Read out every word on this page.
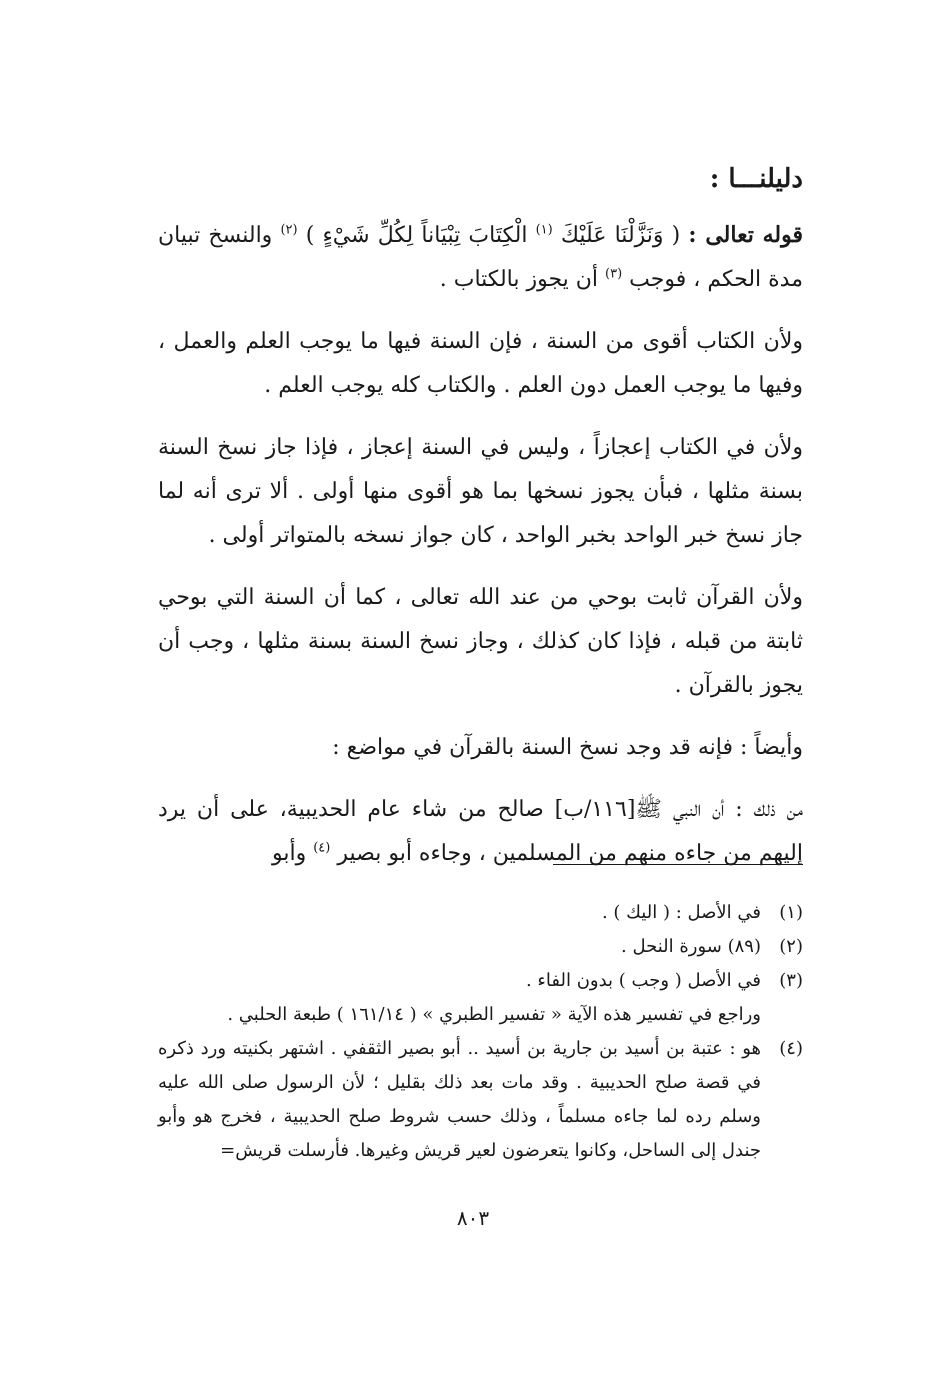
دليلنـــا :

قوله تعالى : ( وَنَزَّلْنَا عَلَيْكَ $^{(١)}$ الْكِتَابَ تِبْيَاناً لِكُلِّ شَيْءٍ ) $^{(٢)}$ والنسخ تبيان مدة الحكم ، فوجب $^{(٣)}$ أن يجوز بالكتاب .

ولأن الكتاب أقوى من السنة ، فإن السنة فيها ما يوجب العلم والعمل ، وفيها ما يوجب العمل دون العلم . والكتاب كله يوجب العلم .

ولأن في الكتاب إعجازاً ، وليس في السنة إعجاز ، فإذا جاز نسخ السنة بسنة مثلها ، فبأن يجوز نسخها بما هو أقوى منها أولى . ألا ترى أنه لما جاز نسخ خبر الواحد بخبر الواحد ، كان جواز نسخه بالمتواتر أولى .

ولأن القرآن ثابت بوحي من عند الله تعالى ، كما أن السنة التي بوحي ثابتة من قبله ، فإذا كان كذلك ، وجاز نسخ السنة بسنة مثلها ، وجب أن يجوز بالقرآن .

وأيضاً : فإنه قد وجد نسخ السنة بالقرآن في مواضع :

من ذلك : أن النبي ﷺ[١١٦/ب] صالح من شاء عام الحديبية، على أن يرد إليهم من جاءه منهم من المسلمين ، وجاءه أبو بصير $^{(٤)}$ وأبو

(١)
في الأصل : ( اليك ) .
(٢)
(٨٩) سورة النحل .
(٣)
في الأصل ( وجب ) بدون الفاء .
وراجع في تفسير هذه الآية « تفسير الطبري » ( ١٦١/١٤ ) طبعة الحلبي .
(٤)
هو : عتبة بن أسيد بن جارية بن أسيد .. أبو بصير الثقفي . اشتهر بكنيته ورد ذكره في قصة صلح الحديبية . وقد مات بعد ذلك بقليل ؛ لأن الرسول صلى الله عليه وسلم رده لما جاءه مسلماً ، وذلك حسب شروط صلح الحديبية ، فخرج هو وأبو جندل إلى الساحل، وكانوا يتعرضون لعير قريش وغيرها. فأرسلت قريش=
٨٠٣
